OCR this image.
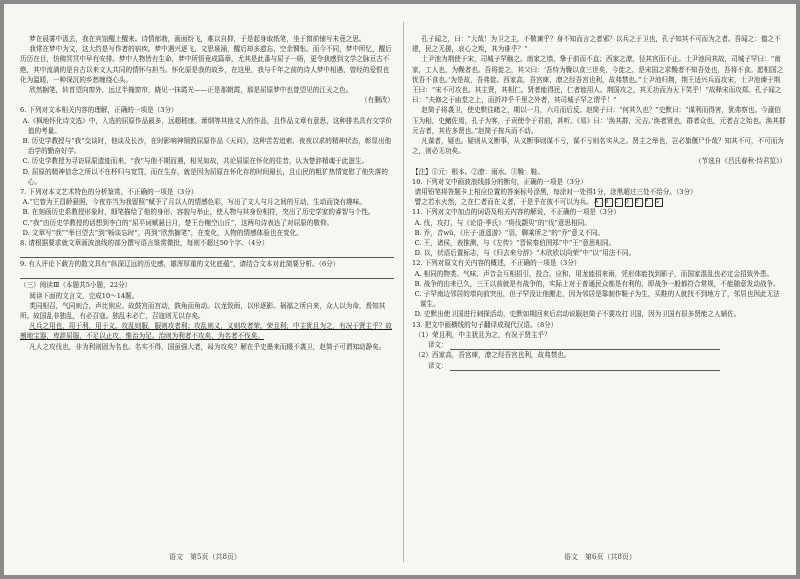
梦在晨雾中汲去，我在宾馆醒上醒来。诗情郁勃，画面纷飞，难以自抑，于是起身取纸笔，坐于窗前铺写未竟之思。

我常在梦中为文，这大约是写作者的宿疾。梦中遇兴逐飞，文思泉涌，醒后却多遗忘，空余惆怅。而今不同，梦中所忆，醒后历历在目，仿佛冥冥中早有安排。梦中人物皆有生命，梦中所悟竟成篇章，尤其是此番与屈子一晤，更令我感到文学之脉亘古不绝，其中流淌的是自古以来文人共同的情怀与担当。怀化原是我的故乡，在这里，我与千年之前的诗人梦中相遇，曾经的爱恨也化为温暖，一种深沉的乡愁缠绕心头。

欣然搁笔，转首望向窗外，远过半掩窗帘，晓见一抹霞光——正是那朝霞，那是屈原梦中也曾望见的江天之色。

（有删改）

6. 下列对文本相关内容的理解，正确的一项是（3分）

A.《枫地怀化诗文选》中，入选的屈原作品最多，远超嵇康、萧纲等其他文人的作品，且作品文章有意思，这种排名具有文学价值的考量。

B. 历史学教授与“我”交谈时，他谈及长沙，在时影响神铜敦屈原作品《天问》，这种苦苦追索、夜夜以求的精神状态，彰显出他治学的勤奋好学。

C. 历史学教授为寻访屈原遗迹而来，“我”与他不期而遇，相见如故，共论屈原在怀化的往昔，认为楚辞精魂于此滋生。

D. 屈原的精神信念之所以不在杯归与宽罚，而在生存，就是因为屈原在怀化存的时间最长，且山民的粗犷热情宽慰了他失落的心。

7. 下列对本文艺术特色的分析鉴赏，不正确的一项是（3分）

A.“它曾为王昌龄悬照，今夜亦当为我留照”赋予了月以人的情感色彩，写出了文人与月之间的互动，生动而饶有趣味。

B. 在刻画历史系教授形象时，细笔描绘了他的身形、容貌与举止，使人物与其身份相符，突出了历史学家的睿智与个性。

C.“我”由历史学教授的话想到李白的“屈平词赋悬日月，楚王台榭空山丘”，这两句诗表达了对屈原的敬仰。

D. 文章写“我”“举目望去”到“畅谈忘时”，再到“欣然搁笔”，在变化，人物的情感体验也在变化。

8. 请根据要求就文章画波浪线的部分撰写语言鉴赏微批，每则不超过50个字。（4分）

9. 有人评论下载方的散文具有“纵深辽远的历史感，雄浑厚重的文化底蕴”，请结合文本对此简要分析。（6分）

（三）阅读Ⅲ（本题共5小题，22分）

阅读下面的文言文，完成10～14题。

类同相召，气同则合，声比则应。故鼓宫而宫动，鼓角而角动。以龙致雨，以形逐影。祸福之所自来，众人以为命，焉知其所。故国乱非独乱，有必召寇。独乱未必亡，召寇则无以存矣。

凡兵之用也，用于利，用于义。攻乱则服，服则攻者利；攻乱则义，义则攻者荣。荣且利，中主犹且为之，有况于贤主乎？故割地宝器，卑辞屈服，不足以止攻，惟治为足。治则为利者不攻矣，为名者不伐矣。

凡人之攻伐也，非为利则固为名也。名实不得，国虽强大者，曷为攻矣？解在乎史墨来而辍不袭卫，赵简子可谓知动静矣。

语文　第5页（共8页）

孔子闻之，曰：“大哉！为卫之主，不敬谏乎？身不知而言之者邪？以兵之于卫也，孔子知其不可而为之者。吾闻之：德之不建，民之无援，哀心之疾，其为谁乎？”

士尹池为荆使于宋，司城子罕觞之。南家之墙，挚于前而不直；西家之潦，径其宫而不止。士尹池问其故，司城子罕曰：“南家，工人也，为鞔者也。吾将徙之，其父曰：‘吾恃为鞔以食三世矣，今徙之，是宋国之求鞔者不知吾处也，吾将不食。愿相国之忧吾不食也。’为是故，吾弗徙。西家高，吾宫庳，潦之经吾宫也利，故弗禁也。”士尹池归荆，荆王适兴兵而攻宋，士尹池谏于荆王曰：“宋不可攻也。其主贤，其相仁。贤者能得民，仁者能用人。荆国攻之，其无功而为天下笑乎！”故释宋而攻郑。孔子闻之曰：“夫修之于庙堂之上，而折冲乎千里之外者，其司城子罕之谓乎！”

赵简子将袭卫，使史默往睹之，期以一月，六月而后反。赵简子曰：“何其久也？”史默曰：“谋利而得害，犹弗察也。今蘧伯玉为相，史鰌佐焉，孔子为客，子贡使令于君前，甚听。《易》曰：‘涣其群，元吉。’涣者贤也，群者众也，元者吉之始也。涣其群元吉者，其佐多贤也。”赵简子按兵而不动。

凡谋者，疑也。疑则从义断事，从义断事则谋不亏，谋不亏则名实从之。贤主之举也，岂必旗偃尸仆哉？知其不可，不可而为之，则必无功矣。

（节选自《吕氏春秋·恃君览》）

【注】①元：根本。②潦：雨水。③鞔：鞋。

10. 下列对文中画波浪线部分的断句，正确的一项是（3分）

请用铅笔将答题卡上相应位置的答案标号涂黑，每涂对一处得1分，涂黑超过三处不给分。（3分）

譬之若水火然，之在仁者而在义者，于是乎在彼不可以为兵。 A B C D E F G

11. 下列对文中加点的词语及相关内容的解说，不正确的一项是（3分）

A. 伐，攻打，与《论语·季氏》“将伐颛臾”的“伐”意思相同。

B. 乔，音wū，《庄子·逍遥游》“羽，聊乘所之”的“乔”意义不同。

C. 王，诸侯，表推测，与《左传》“晋侯秦伯围郑”中“王”意思相同。

D. 以，状语后置标志，与《归去来兮辞》“木欣欣以向荣”中“以”用法不同。

12. 下列对原文有关内容的概述，不正确的一项是（3分）

A. 相同的物类、气味、声音会互相招引，投合、应和，用龙能招来雨，凭形体能找到影子，而国家混乱也必定会招致外患。

B. 战争的由来已久，三王以前就是有战争的，实际上对于普通民众都是有利的，即战争一般都符合常规，不能随意发动战争。

C. 子罕南边邻居的墙向前突出，但子罕没让他搬走，因为邻居是靠制作鞋子为生，买鞋的人就找不到地方了，邻居也因此无法谋生。

D. 史默出使卫国进行刺探活动，史默如期回来后启动说服赵简子不要攻打卫国，因为卫国有很多贤能之人辅佐。

13. 把文中画横线的句子翻译成现代汉语。（8分）

（1）荣且利，中主犹且为之，有况于贤主乎？

译文：

（2）西家高，吾宫庳，潦之经吾宫也利，故弗禁也。

译文：

语文　第6页（共8页）
